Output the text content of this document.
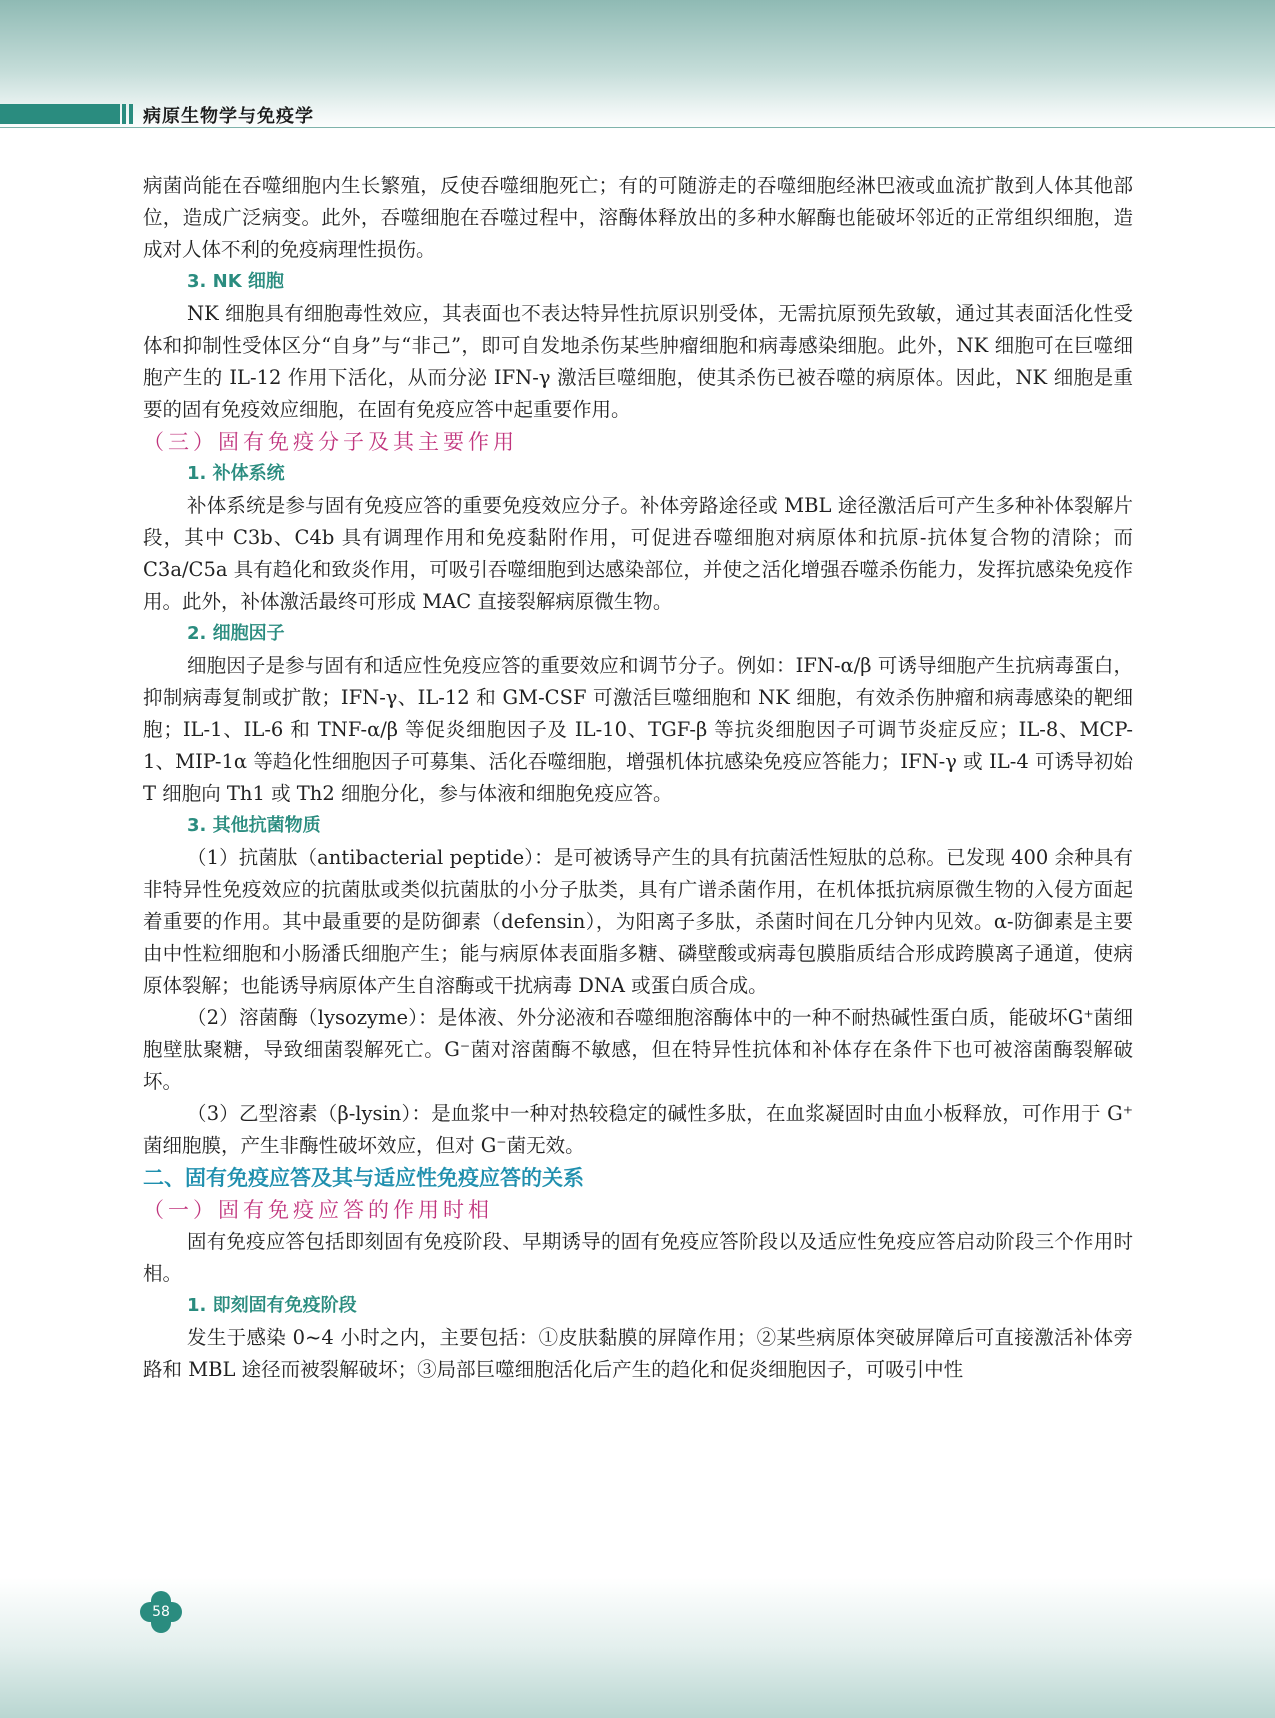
病原生物学与免疫学

病菌尚能在吞噬细胞内生长繁殖，反使吞噬细胞死亡；有的可随游走的吞噬细胞经淋巴液或血流扩散到人体其他部位，造成广泛病变。此外，吞噬细胞在吞噬过程中，溶酶体释放出的多种水解酶也能破坏邻近的正常组织细胞，造成对人体不利的免疫病理性损伤。

3. NK 细胞

NK 细胞具有细胞毒性效应，其表面也不表达特异性抗原识别受体，无需抗原预先致敏，通过其表面活化性受体和抑制性受体区分“自身”与“非己”，即可自发地杀伤某些肿瘤细胞和病毒感染细胞。此外，NK 细胞可在巨噬细胞产生的 IL-12 作用下活化，从而分泌 IFN-γ 激活巨噬细胞，使其杀伤已被吞噬的病原体。因此，NK 细胞是重要的固有免疫效应细胞，在固有免疫应答中起重要作用。

（三）固有免疫分子及其主要作用

1. 补体系统

补体系统是参与固有免疫应答的重要免疫效应分子。补体旁路途径或 MBL 途径激活后可产生多种补体裂解片段，其中 C3b、C4b 具有调理作用和免疫黏附作用，可促进吞噬细胞对病原体和抗原-抗体复合物的清除；而 C3a/C5a 具有趋化和致炎作用，可吸引吞噬细胞到达感染部位，并使之活化增强吞噬杀伤能力，发挥抗感染免疫作用。此外，补体激活最终可形成 MAC 直接裂解病原微生物。

2. 细胞因子

细胞因子是参与固有和适应性免疫应答的重要效应和调节分子。例如：IFN-α/β 可诱导细胞产生抗病毒蛋白，抑制病毒复制或扩散；IFN-γ、IL-12 和 GM-CSF 可激活巨噬细胞和 NK 细胞，有效杀伤肿瘤和病毒感染的靶细胞；IL-1、IL-6 和 TNF-α/β 等促炎细胞因子及 IL-10、TGF-β 等抗炎细胞因子可调节炎症反应；IL-8、MCP-1、MIP-1α 等趋化性细胞因子可募集、活化吞噬细胞，增强机体抗感染免疫应答能力；IFN-γ 或 IL-4 可诱导初始 T 细胞向 Th1 或 Th2 细胞分化，参与体液和细胞免疫应答。

3. 其他抗菌物质

（1）抗菌肽（antibacterial peptide）：是可被诱导产生的具有抗菌活性短肽的总称。已发现 400 余种具有非特异性免疫效应的抗菌肽或类似抗菌肽的小分子肽类，具有广谱杀菌作用，在机体抵抗病原微生物的入侵方面起着重要的作用。其中最重要的是防御素（defensin），为阳离子多肽，杀菌时间在几分钟内见效。α-防御素是主要由中性粒细胞和小肠潘氏细胞产生；能与病原体表面脂多糖、磷壁酸或病毒包膜脂质结合形成跨膜离子通道，使病原体裂解；也能诱导病原体产生自溶酶或干扰病毒 DNA 或蛋白质合成。

（2）溶菌酶（lysozyme）：是体液、外分泌液和吞噬细胞溶酶体中的一种不耐热碱性蛋白质，能破坏G⁺菌细胞壁肽聚糖，导致细菌裂解死亡。G⁻菌对溶菌酶不敏感，但在特异性抗体和补体存在条件下也可被溶菌酶裂解破坏。

（3）乙型溶素（β-lysin）：是血浆中一种对热较稳定的碱性多肽，在血浆凝固时由血小板释放，可作用于 G⁺菌细胞膜，产生非酶性破坏效应，但对 G⁻菌无效。

二、固有免疫应答及其与适应性免疫应答的关系

（一）固有免疫应答的作用时相

固有免疫应答包括即刻固有免疫阶段、早期诱导的固有免疫应答阶段以及适应性免疫应答启动阶段三个作用时相。

1. 即刻固有免疫阶段

发生于感染 0~4 小时之内，主要包括：①皮肤黏膜的屏障作用；②某些病原体突破屏障后可直接激活补体旁路和 MBL 途径而被裂解破坏；③局部巨噬细胞活化后产生的趋化和促炎细胞因子，可吸引中性

58
